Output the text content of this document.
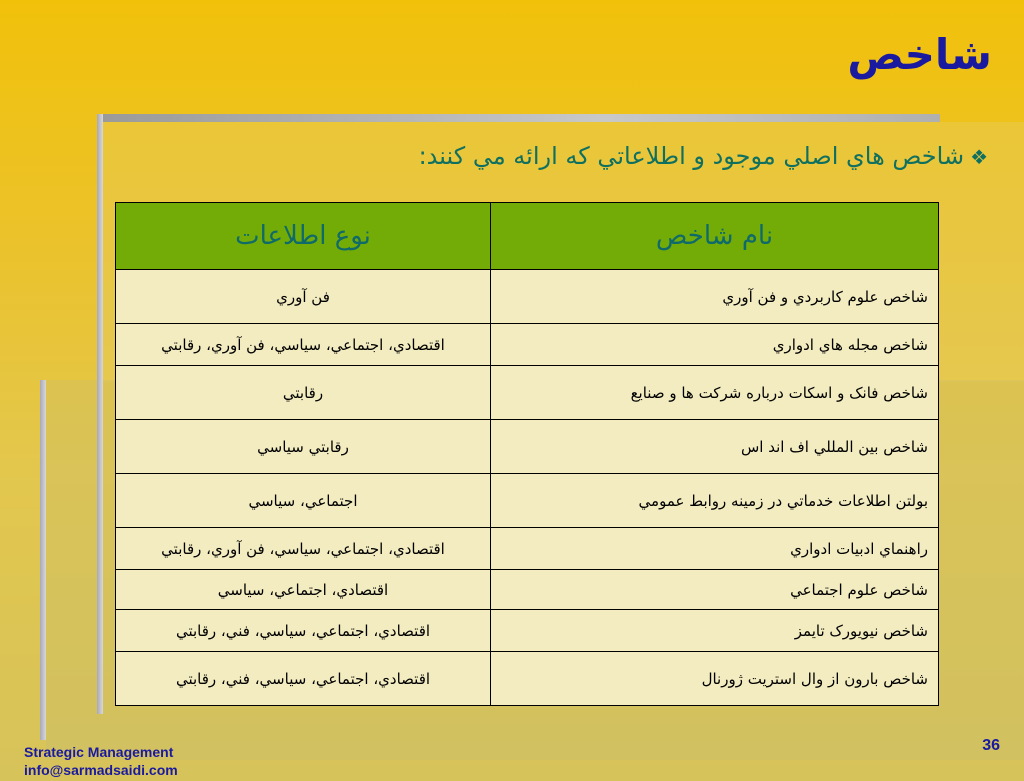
شاخص
❖شاخص هاي اصلي موجود و اطلاعاتي كه ارائه مي كنند:
نام شاخص	نوع اطلاعات
شاخص علوم كاربردي و فن آوري	فن آوري
شاخص مجله هاي ادواري	اقتصادي، اجتماعي، سياسي، فن آوري، رقابتي
شاخص فانک و اسکات درباره شرکت ها و صنايع	رقابتي
شاخص بين المللي اف اند اس	رقابتي سياسي
بولتن اطلاعات خدماتي در زمينه روابط عمومي	اجتماعي، سياسي
راهنماي ادبيات ادواري	اقتصادي، اجتماعي، سياسي، فن آوري، رقابتي
شاخص علوم اجتماعي	اقتصادي، اجتماعي، سياسي
شاخص نيويورک تايمز	اقتصادي، اجتماعي، سياسي، فني، رقابتي
شاخص بارون از وال استريت ژورنال	اقتصادي، اجتماعي، سياسي، فني، رقابتي
Strategic Management
info@sarmadsaidi.com
36
